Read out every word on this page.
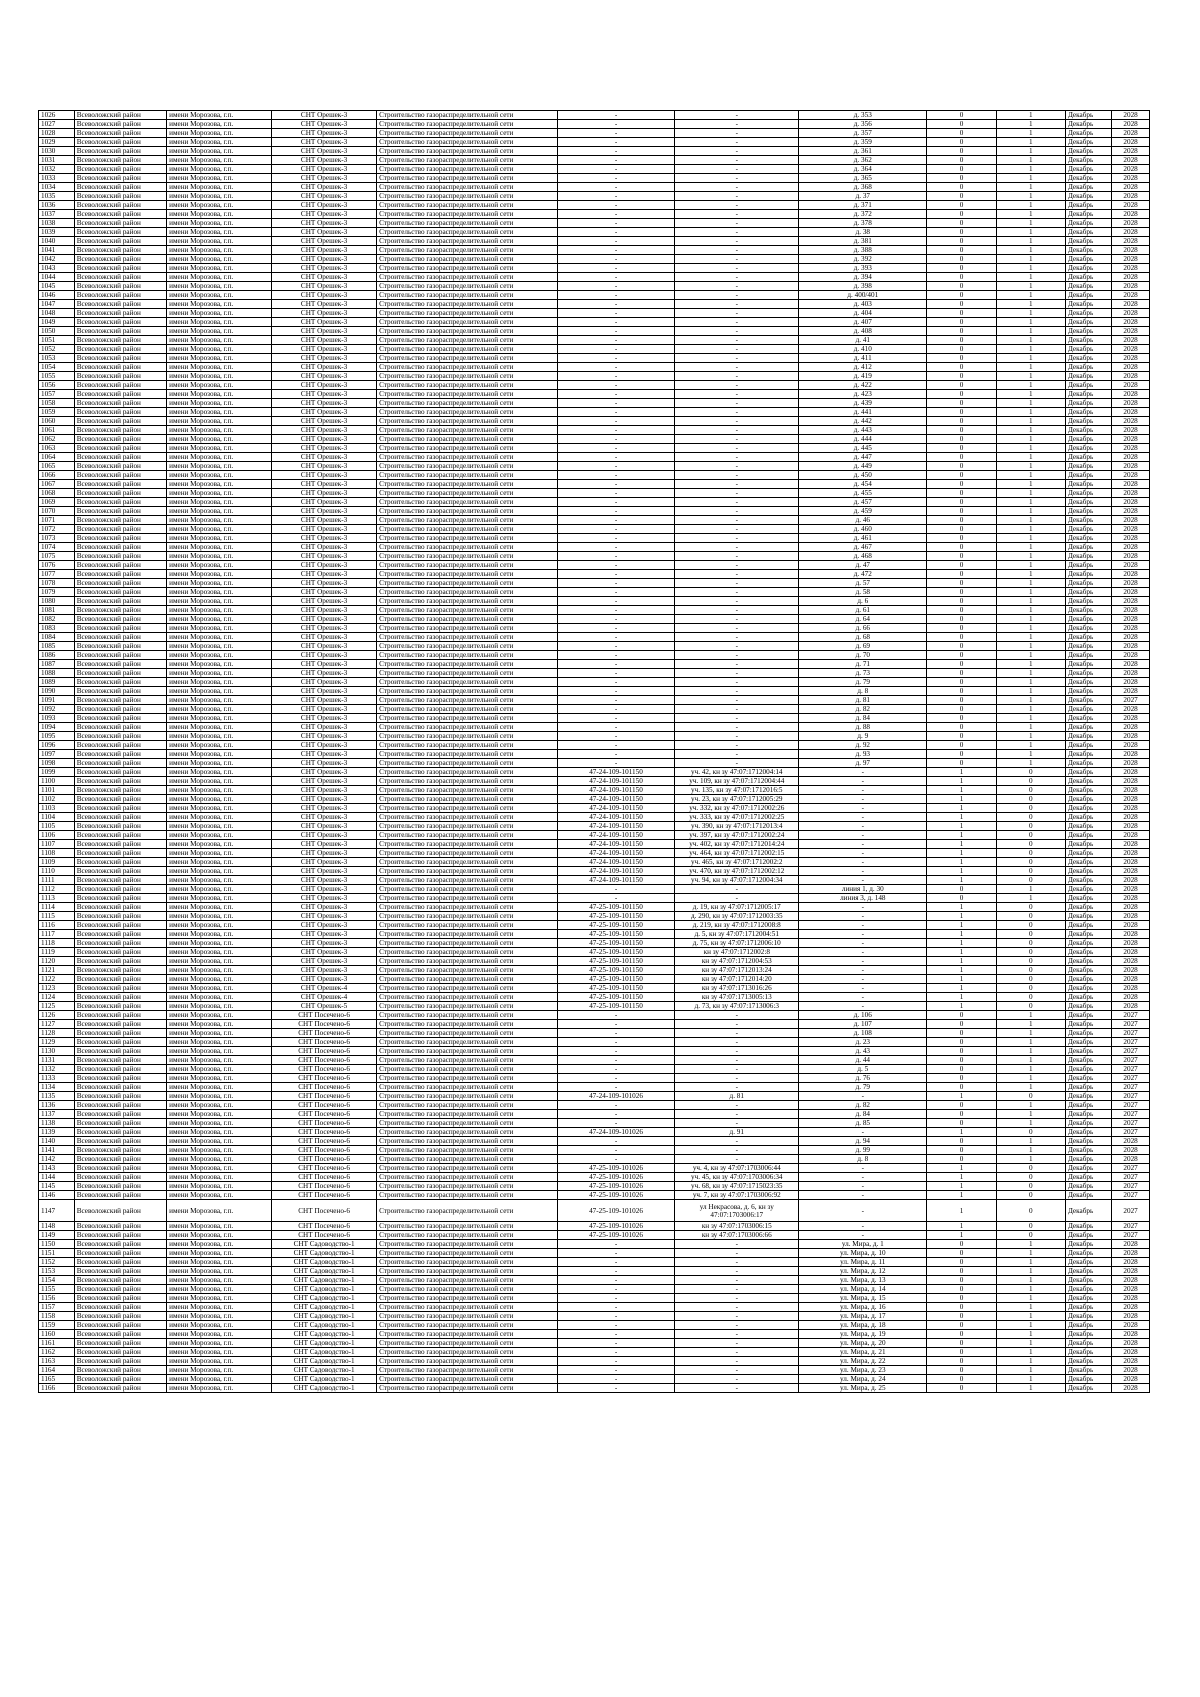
1026	Всеволожский район	имени Морозова, г.п.	СНТ Орешек-3	Строительство газораспределительной сети	-	-	д. 353	0	1	Декабрь	2028
1027	Всеволожский район	имени Морозова, г.п.	СНТ Орешек-3	Строительство газораспределительной сети	-	-	д. 356	0	1	Декабрь	2028
1028	Всеволожский район	имени Морозова, г.п.	СНТ Орешек-3	Строительство газораспределительной сети	-	-	д. 357	0	1	Декабрь	2028
1029	Всеволожский район	имени Морозова, г.п.	СНТ Орешек-3	Строительство газораспределительной сети	-	-	д. 359	0	1	Декабрь	2028
1030	Всеволожский район	имени Морозова, г.п.	СНТ Орешек-3	Строительство газораспределительной сети	-	-	д. 361	0	1	Декабрь	2028
1031	Всеволожский район	имени Морозова, г.п.	СНТ Орешек-3	Строительство газораспределительной сети	-	-	д. 362	0	1	Декабрь	2028
1032	Всеволожский район	имени Морозова, г.п.	СНТ Орешек-3	Строительство газораспределительной сети	-	-	д. 364	0	1	Декабрь	2028
1033	Всеволожский район	имени Морозова, г.п.	СНТ Орешек-3	Строительство газораспределительной сети	-	-	д. 365	0	1	Декабрь	2028
1034	Всеволожский район	имени Морозова, г.п.	СНТ Орешек-3	Строительство газораспределительной сети	-	-	д. 368	0	1	Декабрь	2028
1035	Всеволожский район	имени Морозова, г.п.	СНТ Орешек-3	Строительство газораспределительной сети	-	-	д. 37	0	1	Декабрь	2028
1036	Всеволожский район	имени Морозова, г.п.	СНТ Орешек-3	Строительство газораспределительной сети	-	-	д. 371	0	1	Декабрь	2028
1037	Всеволожский район	имени Морозова, г.п.	СНТ Орешек-3	Строительство газораспределительной сети	-	-	д. 372	0	1	Декабрь	2028
1038	Всеволожский район	имени Морозова, г.п.	СНТ Орешек-3	Строительство газораспределительной сети	-	-	д. 378	0	1	Декабрь	2028
1039	Всеволожский район	имени Морозова, г.п.	СНТ Орешек-3	Строительство газораспределительной сети	-	-	д. 38	0	1	Декабрь	2028
1040	Всеволожский район	имени Морозова, г.п.	СНТ Орешек-3	Строительство газораспределительной сети	-	-	д. 381	0	1	Декабрь	2028
1041	Всеволожский район	имени Морозова, г.п.	СНТ Орешек-3	Строительство газораспределительной сети	-	-	д. 388	0	1	Декабрь	2028
1042	Всеволожский район	имени Морозова, г.п.	СНТ Орешек-3	Строительство газораспределительной сети	-	-	д. 392	0	1	Декабрь	2028
1043	Всеволожский район	имени Морозова, г.п.	СНТ Орешек-3	Строительство газораспределительной сети	-	-	д. 393	0	1	Декабрь	2028
1044	Всеволожский район	имени Морозова, г.п.	СНТ Орешек-3	Строительство газораспределительной сети	-	-	д. 394	0	1	Декабрь	2028
1045	Всеволожский район	имени Морозова, г.п.	СНТ Орешек-3	Строительство газораспределительной сети	-	-	д. 398	0	1	Декабрь	2028
1046	Всеволожский район	имени Морозова, г.п.	СНТ Орешек-3	Строительство газораспределительной сети	-	-	д. 400/401	0	1	Декабрь	2028
1047	Всеволожский район	имени Морозова, г.п.	СНТ Орешек-3	Строительство газораспределительной сети	-	-	д. 403	0	1	Декабрь	2028
1048	Всеволожский район	имени Морозова, г.п.	СНТ Орешек-3	Строительство газораспределительной сети	-	-	д. 404	0	1	Декабрь	2028
1049	Всеволожский район	имени Морозова, г.п.	СНТ Орешек-3	Строительство газораспределительной сети	-	-	д. 407	0	1	Декабрь	2028
1050	Всеволожский район	имени Морозова, г.п.	СНТ Орешек-3	Строительство газораспределительной сети	-	-	д. 408	0	1	Декабрь	2028
1051	Всеволожский район	имени Морозова, г.п.	СНТ Орешек-3	Строительство газораспределительной сети	-	-	д. 41	0	1	Декабрь	2028
1052	Всеволожский район	имени Морозова, г.п.	СНТ Орешек-3	Строительство газораспределительной сети	-	-	д. 410	0	1	Декабрь	2028
1053	Всеволожский район	имени Морозова, г.п.	СНТ Орешек-3	Строительство газораспределительной сети	-	-	д. 411	0	1	Декабрь	2028
1054	Всеволожский район	имени Морозова, г.п.	СНТ Орешек-3	Строительство газораспределительной сети	-	-	д. 412	0	1	Декабрь	2028
1055	Всеволожский район	имени Морозова, г.п.	СНТ Орешек-3	Строительство газораспределительной сети	-	-	д. 419	0	1	Декабрь	2028
1056	Всеволожский район	имени Морозова, г.п.	СНТ Орешек-3	Строительство газораспределительной сети	-	-	д. 422	0	1	Декабрь	2028
1057	Всеволожский район	имени Морозова, г.п.	СНТ Орешек-3	Строительство газораспределительной сети	-	-	д. 423	0	1	Декабрь	2028
1058	Всеволожский район	имени Морозова, г.п.	СНТ Орешек-3	Строительство газораспределительной сети	-	-	д. 439	0	1	Декабрь	2028
1059	Всеволожский район	имени Морозова, г.п.	СНТ Орешек-3	Строительство газораспределительной сети	-	-	д. 441	0	1	Декабрь	2028
1060	Всеволожский район	имени Морозова, г.п.	СНТ Орешек-3	Строительство газораспределительной сети	-	-	д. 442	0	1	Декабрь	2028
1061	Всеволожский район	имени Морозова, г.п.	СНТ Орешек-3	Строительство газораспределительной сети	-	-	д. 443	0	1	Декабрь	2028
1062	Всеволожский район	имени Морозова, г.п.	СНТ Орешек-3	Строительство газораспределительной сети	-	-	д. 444	0	1	Декабрь	2028
1063	Всеволожский район	имени Морозова, г.п.	СНТ Орешек-3	Строительство газораспределительной сети	-	-	д. 445	0	1	Декабрь	2028
1064	Всеволожский район	имени Морозова, г.п.	СНТ Орешек-3	Строительство газораспределительной сети	-	-	д. 447	0	1	Декабрь	2028
1065	Всеволожский район	имени Морозова, г.п.	СНТ Орешек-3	Строительство газораспределительной сети	-	-	д. 449	0	1	Декабрь	2028
1066	Всеволожский район	имени Морозова, г.п.	СНТ Орешек-3	Строительство газораспределительной сети	-	-	д. 450	0	1	Декабрь	2028
1067	Всеволожский район	имени Морозова, г.п.	СНТ Орешек-3	Строительство газораспределительной сети	-	-	д. 454	0	1	Декабрь	2028
1068	Всеволожский район	имени Морозова, г.п.	СНТ Орешек-3	Строительство газораспределительной сети	-	-	д. 455	0	1	Декабрь	2028
1069	Всеволожский район	имени Морозова, г.п.	СНТ Орешек-3	Строительство газораспределительной сети	-	-	д. 457	0	1	Декабрь	2028
1070	Всеволожский район	имени Морозова, г.п.	СНТ Орешек-3	Строительство газораспределительной сети	-	-	д. 459	0	1	Декабрь	2028
1071	Всеволожский район	имени Морозова, г.п.	СНТ Орешек-3	Строительство газораспределительной сети	-	-	д. 46	0	1	Декабрь	2028
1072	Всеволожский район	имени Морозова, г.п.	СНТ Орешек-3	Строительство газораспределительной сети	-	-	д. 460	0	1	Декабрь	2028
1073	Всеволожский район	имени Морозова, г.п.	СНТ Орешек-3	Строительство газораспределительной сети	-	-	д. 461	0	1	Декабрь	2028
1074	Всеволожский район	имени Морозова, г.п.	СНТ Орешек-3	Строительство газораспределительной сети	-	-	д. 467	0	1	Декабрь	2028
1075	Всеволожский район	имени Морозова, г.п.	СНТ Орешек-3	Строительство газораспределительной сети	-	-	д. 468	0	1	Декабрь	2028
1076	Всеволожский район	имени Морозова, г.п.	СНТ Орешек-3	Строительство газораспределительной сети	-	-	д. 47	0	1	Декабрь	2028
1077	Всеволожский район	имени Морозова, г.п.	СНТ Орешек-3	Строительство газораспределительной сети	-	-	д. 472	0	1	Декабрь	2028
1078	Всеволожский район	имени Морозова, г.п.	СНТ Орешек-3	Строительство газораспределительной сети	-	-	д. 57	0	1	Декабрь	2028
1079	Всеволожский район	имени Морозова, г.п.	СНТ Орешек-3	Строительство газораспределительной сети	-	-	д. 58	0	1	Декабрь	2028
1080	Всеволожский район	имени Морозова, г.п.	СНТ Орешек-3	Строительство газораспределительной сети	-	-	д. 6	0	1	Декабрь	2028
1081	Всеволожский район	имени Морозова, г.п.	СНТ Орешек-3	Строительство газораспределительной сети	-	-	д. 61	0	1	Декабрь	2028
1082	Всеволожский район	имени Морозова, г.п.	СНТ Орешек-3	Строительство газораспределительной сети	-	-	д. 64	0	1	Декабрь	2028
1083	Всеволожский район	имени Морозова, г.п.	СНТ Орешек-3	Строительство газораспределительной сети	-	-	д. 66	0	1	Декабрь	2028
1084	Всеволожский район	имени Морозова, г.п.	СНТ Орешек-3	Строительство газораспределительной сети	-	-	д. 68	0	1	Декабрь	2028
1085	Всеволожский район	имени Морозова, г.п.	СНТ Орешек-3	Строительство газораспределительной сети	-	-	д. 69	0	1	Декабрь	2028
1086	Всеволожский район	имени Морозова, г.п.	СНТ Орешек-3	Строительство газораспределительной сети	-	-	д. 70	0	1	Декабрь	2028
1087	Всеволожский район	имени Морозова, г.п.	СНТ Орешек-3	Строительство газораспределительной сети	-	-	д. 71	0	1	Декабрь	2028
1088	Всеволожский район	имени Морозова, г.п.	СНТ Орешек-3	Строительство газораспределительной сети	-	-	д. 73	0	1	Декабрь	2028
1089	Всеволожский район	имени Морозова, г.п.	СНТ Орешек-3	Строительство газораспределительной сети	-	-	д. 79	0	1	Декабрь	2028
1090	Всеволожский район	имени Морозова, г.п.	СНТ Орешек-3	Строительство газораспределительной сети	-	-	д. 8	0	1	Декабрь	2028
1091	Всеволожский район	имени Морозова, г.п.	СНТ Орешек-3	Строительство газораспределительной сети	-	-	д. 81	0	1	Декабрь	2027
1092	Всеволожский район	имени Морозова, г.п.	СНТ Орешек-3	Строительство газораспределительной сети	-	-	д. 82	0	1	Декабрь	2028
1093	Всеволожский район	имени Морозова, г.п.	СНТ Орешек-3	Строительство газораспределительной сети	-	-	д. 84	0	1	Декабрь	2028
1094	Всеволожский район	имени Морозова, г.п.	СНТ Орешек-3	Строительство газораспределительной сети	-	-	д. 88	0	1	Декабрь	2028
1095	Всеволожский район	имени Морозова, г.п.	СНТ Орешек-3	Строительство газораспределительной сети	-	-	д. 9	0	1	Декабрь	2028
1096	Всеволожский район	имени Морозова, г.п.	СНТ Орешек-3	Строительство газораспределительной сети	-	-	д. 92	0	1	Декабрь	2028
1097	Всеволожский район	имени Морозова, г.п.	СНТ Орешек-3	Строительство газораспределительной сети	-	-	д. 93	0	1	Декабрь	2028
1098	Всеволожский район	имени Морозова, г.п.	СНТ Орешек-3	Строительство газораспределительной сети	-	-	д. 97	0	1	Декабрь	2028
1099	Всеволожский район	имени Морозова, г.п.	СНТ Орешек-3	Строительство газораспределительной сети	47-24-109-101150	уч. 42, кн зу 47:07:1712004:14	-	1	0	Декабрь	2028
1100	Всеволожский район	имени Морозова, г.п.	СНТ Орешек-3	Строительство газораспределительной сети	47-24-109-101150	уч. 109, кн зу 47:07:1712004:44	-	1	0	Декабрь	2028
1101	Всеволожский район	имени Морозова, г.п.	СНТ Орешек-3	Строительство газораспределительной сети	47-24-109-101150	уч. 135, кн зу 47:07:1712016:5	-	1	0	Декабрь	2028
1102	Всеволожский район	имени Морозова, г.п.	СНТ Орешек-3	Строительство газораспределительной сети	47-24-109-101150	уч. 23, кн зу 47:07:1712005:29	-	1	0	Декабрь	2028
1103	Всеволожский район	имени Морозова, г.п.	СНТ Орешек-3	Строительство газораспределительной сети	47-24-109-101150	уч. 332, кн зу 47:07:1712002:26	-	1	0	Декабрь	2028
1104	Всеволожский район	имени Морозова, г.п.	СНТ Орешек-3	Строительство газораспределительной сети	47-24-109-101150	уч. 333, кн зу 47:07:1712002:25	-	1	0	Декабрь	2028
1105	Всеволожский район	имени Морозова, г.п.	СНТ Орешек-3	Строительство газораспределительной сети	47-24-109-101150	уч. 390, кн зу 47:07:1712013:4	-	1	0	Декабрь	2028
1106	Всеволожский район	имени Морозова, г.п.	СНТ Орешек-3	Строительство газораспределительной сети	47-24-109-101150	уч. 397, кн зу 47:07:1712002:24	-	1	0	Декабрь	2028
1107	Всеволожский район	имени Морозова, г.п.	СНТ Орешек-3	Строительство газораспределительной сети	47-24-109-101150	уч. 402, кн зу 47:07:1712014:24	-	1	0	Декабрь	2028
1108	Всеволожский район	имени Морозова, г.п.	СНТ Орешек-3	Строительство газораспределительной сети	47-24-109-101150	уч. 464, кн зу 47:07:1712002:15	-	1	0	Декабрь	2028
1109	Всеволожский район	имени Морозова, г.п.	СНТ Орешек-3	Строительство газораспределительной сети	47-24-109-101150	уч. 465, кн зу 47:07:1712002:2	-	1	0	Декабрь	2028
1110	Всеволожский район	имени Морозова, г.п.	СНТ Орешек-3	Строительство газораспределительной сети	47-24-109-101150	уч. 470, кн зу 47:07:1712002:12	-	1	0	Декабрь	2028
1111	Всеволожский район	имени Морозова, г.п.	СНТ Орешек-3	Строительство газораспределительной сети	47-24-109-101150	уч. 94, кн зу 47:07:1712004:34	-	1	0	Декабрь	2028
1112	Всеволожский район	имени Морозова, г.п.	СНТ Орешек-3	Строительство газораспределительной сети	-	-	линия 1, д. 30	0	1	Декабрь	2028
1113	Всеволожский район	имени Морозова, г.п.	СНТ Орешек-3	Строительство газораспределительной сети	-	-	линия 3, д. 148	0	1	Декабрь	2028
1114	Всеволожский район	имени Морозова, г.п.	СНТ Орешек-3	Строительство газораспределительной сети	47-25-109-101150	д. 19, кн зу 47:07:1712005:17	-	1	0	Декабрь	2028
1115	Всеволожский район	имени Морозова, г.п.	СНТ Орешек-3	Строительство газораспределительной сети	47-25-109-101150	д. 290, кн зу 47:07:1712003:35	-	1	0	Декабрь	2028
1116	Всеволожский район	имени Морозова, г.п.	СНТ Орешек-3	Строительство газораспределительной сети	47-25-109-101150	д. 219, кн зу 47:07:1712008:8	-	1	0	Декабрь	2028
1117	Всеволожский район	имени Морозова, г.п.	СНТ Орешек-3	Строительство газораспределительной сети	47-25-109-101150	д. 5, кн зу 47:07:1712004:51	-	1	0	Декабрь	2028
1118	Всеволожский район	имени Морозова, г.п.	СНТ Орешек-3	Строительство газораспределительной сети	47-25-109-101150	д. 75, кн зу 47:07:1712006:10	-	1	0	Декабрь	2028
1119	Всеволожский район	имени Морозова, г.п.	СНТ Орешек-3	Строительство газораспределительной сети	47-25-109-101150	кн зу 47:07:1712002:8	-	1	0	Декабрь	2028
1120	Всеволожский район	имени Морозова, г.п.	СНТ Орешек-3	Строительство газораспределительной сети	47-25-109-101150	кн зу 47:07:1712004:53	-	1	0	Декабрь	2028
1121	Всеволожский район	имени Морозова, г.п.	СНТ Орешек-3	Строительство газораспределительной сети	47-25-109-101150	кн зу 47:07:1712013:24	-	1	0	Декабрь	2028
1122	Всеволожский район	имени Морозова, г.п.	СНТ Орешек-3	Строительство газораспределительной сети	47-25-109-101150	кн зу 47:07:1712014:20	-	1	0	Декабрь	2028
1123	Всеволожский район	имени Морозова, г.п.	СНТ Орешек-4	Строительство газораспределительной сети	47-25-109-101150	кн зу 47:07:1713016:26	-	1	0	Декабрь	2028
1124	Всеволожский район	имени Морозова, г.п.	СНТ Орешек-4	Строительство газораспределительной сети	47-25-109-101150	кн зу 47:07:1713005:13	-	1	0	Декабрь	2028
1125	Всеволожский район	имени Морозова, г.п.	СНТ Орешек-5	Строительство газораспределительной сети	47-25-109-101150	д. 73, кн зу 47:07:1713006:3	-	1	0	Декабрь	2028
1126	Всеволожский район	имени Морозова, г.п.	СНТ Посечено-6	Строительство газораспределительной сети	-	-	д. 106	0	1	Декабрь	2027
1127	Всеволожский район	имени Морозова, г.п.	СНТ Посечено-6	Строительство газораспределительной сети	-	-	д. 107	0	1	Декабрь	2027
1128	Всеволожский район	имени Морозова, г.п.	СНТ Посечено-6	Строительство газораспределительной сети	-	-	д. 108	0	1	Декабрь	2027
1129	Всеволожский район	имени Морозова, г.п.	СНТ Посечено-6	Строительство газораспределительной сети	-	-	д. 23	0	1	Декабрь	2027
1130	Всеволожский район	имени Морозова, г.п.	СНТ Посечено-6	Строительство газораспределительной сети	-	-	д. 43	0	1	Декабрь	2027
1131	Всеволожский район	имени Морозова, г.п.	СНТ Посечено-6	Строительство газораспределительной сети	-	-	д. 44	0	1	Декабрь	2027
1132	Всеволожский район	имени Морозова, г.п.	СНТ Посечено-6	Строительство газораспределительной сети	-	-	д. 5	0	1	Декабрь	2027
1133	Всеволожский район	имени Морозова, г.п.	СНТ Посечено-6	Строительство газораспределительной сети	-	-	д. 76	0	1	Декабрь	2027
1134	Всеволожский район	имени Морозова, г.п.	СНТ Посечено-6	Строительство газораспределительной сети	-	-	д. 79	0	1	Декабрь	2027
1135	Всеволожский район	имени Морозова, г.п.	СНТ Посечено-6	Строительство газораспределительной сети	47-24-109-101026	д. 81	-	1	0	Декабрь	2027
1136	Всеволожский район	имени Морозова, г.п.	СНТ Посечено-6	Строительство газораспределительной сети	-	-	д. 82	0	1	Декабрь	2027
1137	Всеволожский район	имени Морозова, г.п.	СНТ Посечено-6	Строительство газораспределительной сети	-	-	д. 84	0	1	Декабрь	2027
1138	Всеволожский район	имени Морозова, г.п.	СНТ Посечено-6	Строительство газораспределительной сети	-	-	д. 85	0	1	Декабрь	2027
1139	Всеволожский район	имени Морозова, г.п.	СНТ Посечено-6	Строительство газораспределительной сети	47-24-109-101026	д. 91	-	1	0	Декабрь	2027
1140	Всеволожский район	имени Морозова, г.п.	СНТ Посечено-6	Строительство газораспределительной сети	-	-	д. 94	0	1	Декабрь	2028
1141	Всеволожский район	имени Морозова, г.п.	СНТ Посечено-6	Строительство газораспределительной сети	-	-	д. 99	0	1	Декабрь	2028
1142	Всеволожский район	имени Морозова, г.п.	СНТ Посечено-6	Строительство газораспределительной сети	-	-	д. 8	0	1	Декабрь	2028
1143	Всеволожский район	имени Морозова, г.п.	СНТ Посечено-6	Строительство газораспределительной сети	47-25-109-101026	уч. 4, кн зу 47:07:1703006:44	-	1	0	Декабрь	2027
1144	Всеволожский район	имени Морозова, г.п.	СНТ Посечено-6	Строительство газораспределительной сети	47-25-109-101026	уч. 45, кн зу 47:07:1703006:34	-	1	0	Декабрь	2027
1145	Всеволожский район	имени Морозова, г.п.	СНТ Посечено-6	Строительство газораспределительной сети	47-25-109-101026	уч. 68, кн зу 47:07:1715023:35	-	1	0	Декабрь	2027
1146	Всеволожский район	имени Морозова, г.п.	СНТ Посечено-6	Строительство газораспределительной сети	47-25-109-101026	уч. 7, кн зу 47:07:1703006:92	-	1	0	Декабрь	2027
1147	Всеволожский район	имени Морозова, г.п.	СНТ Посечено-6	Строительство газораспределительной сети	47-25-109-101026	ул Некрасова, д. 6, кн зу 47:07:1703006:17	-	1	0	Декабрь	2027
1148	Всеволожский район	имени Морозова, г.п.	СНТ Посечено-6	Строительство газораспределительной сети	47-25-109-101026	кн зу 47:07:1703006:15	-	1	0	Декабрь	2027
1149	Всеволожский район	имени Морозова, г.п.	СНТ Посечено-6	Строительство газораспределительной сети	47-25-109-101026	кн зу 47:07:1703006:66	-	1	0	Декабрь	2027
1150	Всеволожский район	имени Морозова, г.п.	СНТ Садоводство-1	Строительство газораспределительной сети	-	-	ул. Мира, д. 1	0	1	Декабрь	2028
1151	Всеволожский район	имени Морозова, г.п.	СНТ Садоводство-1	Строительство газораспределительной сети	-	-	ул. Мира, д. 10	0	1	Декабрь	2028
1152	Всеволожский район	имени Морозова, г.п.	СНТ Садоводство-1	Строительство газораспределительной сети	-	-	ул. Мира, д. 11	0	1	Декабрь	2028
1153	Всеволожский район	имени Морозова, г.п.	СНТ Садоводство-1	Строительство газораспределительной сети	-	-	ул. Мира, д. 12	0	1	Декабрь	2028
1154	Всеволожский район	имени Морозова, г.п.	СНТ Садоводство-1	Строительство газораспределительной сети	-	-	ул. Мира, д. 13	0	1	Декабрь	2028
1155	Всеволожский район	имени Морозова, г.п.	СНТ Садоводство-1	Строительство газораспределительной сети	-	-	ул. Мира, д. 14	0	1	Декабрь	2028
1156	Всеволожский район	имени Морозова, г.п.	СНТ Садоводство-1	Строительство газораспределительной сети	-	-	ул. Мира, д. 15	0	1	Декабрь	2028
1157	Всеволожский район	имени Морозова, г.п.	СНТ Садоводство-1	Строительство газораспределительной сети	-	-	ул. Мира, д. 16	0	1	Декабрь	2028
1158	Всеволожский район	имени Морозова, г.п.	СНТ Садоводство-1	Строительство газораспределительной сети	-	-	ул. Мира, д. 17	0	1	Декабрь	2028
1159	Всеволожский район	имени Морозова, г.п.	СНТ Садоводство-1	Строительство газораспределительной сети	-	-	ул. Мира, д. 18	0	1	Декабрь	2028
1160	Всеволожский район	имени Морозова, г.п.	СНТ Садоводство-1	Строительство газораспределительной сети	-	-	ул. Мира, д. 19	0	1	Декабрь	2028
1161	Всеволожский район	имени Морозова, г.п.	СНТ Садоводство-1	Строительство газораспределительной сети	-	-	ул. Мира, д. 20	0	1	Декабрь	2028
1162	Всеволожский район	имени Морозова, г.п.	СНТ Садоводство-1	Строительство газораспределительной сети	-	-	ул. Мира, д. 21	0	1	Декабрь	2028
1163	Всеволожский район	имени Морозова, г.п.	СНТ Садоводство-1	Строительство газораспределительной сети	-	-	ул. Мира, д. 22	0	1	Декабрь	2028
1164	Всеволожский район	имени Морозова, г.п.	СНТ Садоводство-1	Строительство газораспределительной сети	-	-	ул. Мира, д. 23	0	1	Декабрь	2028
1165	Всеволожский район	имени Морозова, г.п.	СНТ Садоводство-1	Строительство газораспределительной сети	-	-	ул. Мира, д. 24	0	1	Декабрь	2028
1166	Всеволожский район	имени Морозова, г.п.	СНТ Садоводство-1	Строительство газораспределительной сети	-	-	ул. Мира, д. 25	0	1	Декабрь	2028
